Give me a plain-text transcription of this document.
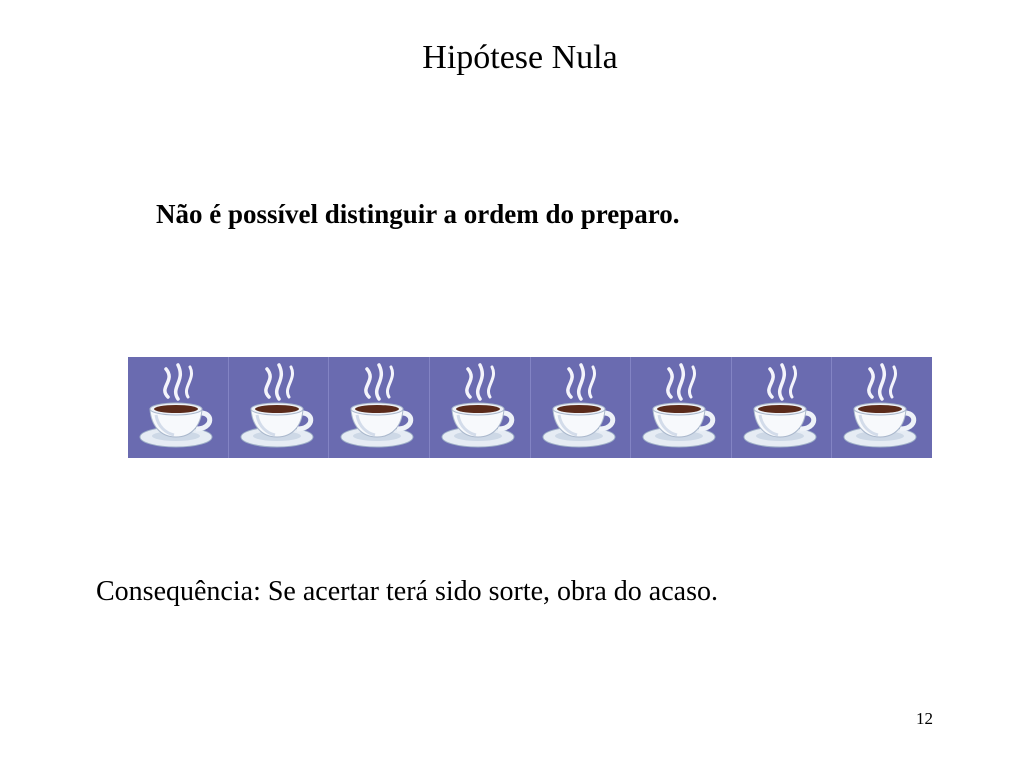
Hipótese Nula
Não é possível distinguir a ordem do preparo.
Consequência: Se acertar terá sido sorte, obra do acaso.
12
